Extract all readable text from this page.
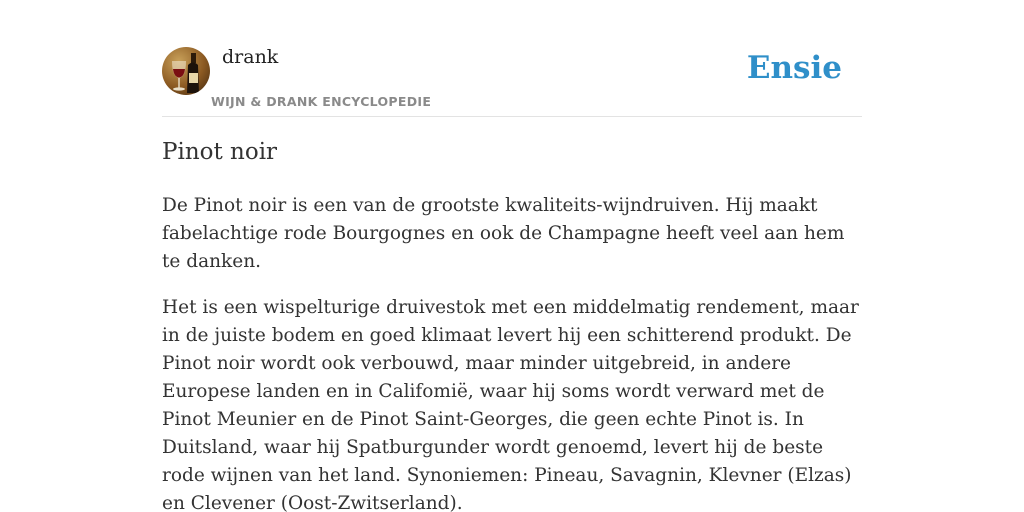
drank
WIJN & DRANK ENCYCLOPEDIE
Ensie
Pinot noir

De Pinot noir is een van de grootste kwaliteits-wijndruiven. Hij maakt fabelachtige rode Bourgognes en ook de Champagne heeft veel aan hem te danken.

Het is een wispelturige druivestok met een middelmatig rendement, maar in de juiste bodem en goed klimaat levert hij een schitterend produkt. De Pinot noir wordt ook verbouwd, maar minder uitgebreid, in andere Europese landen en in Califomië, waar hij soms wordt verward met de Pinot Meunier en de Pinot Saint-Georges, die geen echte Pinot is. In Duitsland, waar hij Spatburgunder wordt genoemd, levert hij de beste rode wijnen van het land. Synoniemen: Pineau, Savagnin, Klevner (Elzas) en Clevener (Oost-Zwitserland).
